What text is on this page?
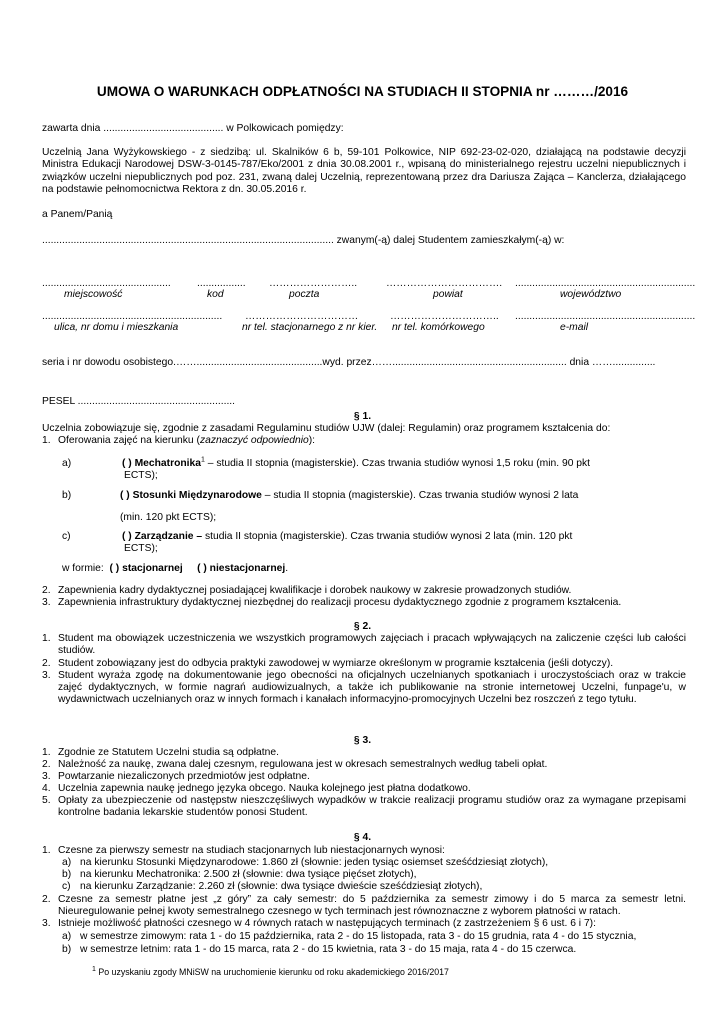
UMOWA O WARUNKACH ODPŁATNOŚCI NA STUDIACH II STOPNIA nr ………/2016

zawarta dnia .......................................... w Polkowicach pomiędzy:

Uczelnią Jana Wyżykowskiego - z siedzibą: ul. Skalników 6 b, 59-101 Polkowice, NIP 692-23-02-020, działającą na podstawie decyzji Ministra Edukacji Narodowej DSW-3-0145-787/Eko/2001 z dnia 30.08.2001 r., wpisaną do ministerialnego rejestru uczelni niepublicznych i związków uczelni niepublicznych pod poz. 231, zwaną dalej Uczelnią, reprezentowaną przez dra Dariusza Zająca – Kanclerza, działającego na podstawie pełnomocnictwa Rektora z dn. 30.05.2016 r.

a Panem/Panią

...................................................................................................... zwanym(-ą) dalej Studentem zamieszkałym(-ą) w:

.............................................	................. ……………………..	……………………………. ...............................................................
miejscowość	kod	poczta	powiat	województwo
............................................................... ……………………………	………………………….. ...............................................................
ulica, nr domu i mieszkania	nr tel. stacjonarnego z nr kier. nr tel. komórkowego	e-mail

seria i nr dowodu osobistego.……............................................wyd. przez……............................................................. dnia ……...............

PESEL .......................................................

§ 1.

Uczelnia zobowiązuje się, zgodnie z zasadami Regulaminu studiów UJW (dalej: Regulamin) oraz programem kształcenia do:

1. Oferowania zajęć na kierunku (zaznaczyć odpowiednio):
a)	( ) Mechatronika$^1$ – studia II stopnia (magisterskie). Czas trwania studiów wynosi 1,5 roku (min. 90 pkt
ECTS);
b)	( ) Stosunki Międzynarodowe – studia II stopnia (magisterskie). Czas trwania studiów wynosi 2 lata
(min. 120 pkt ECTS);
c)	( ) Zarządzanie – studia II stopnia (magisterskie). Czas trwania studiów wynosi 2 lata (min. 120 pkt
ECTS);
w formie: ( ) stacjonarnej ( ) niestacjonarnej.
2. Zapewnienia kadry dydaktycznej posiadającej kwalifikacje i dorobek naukowy w zakresie prowadzonych studiów.
3. Zapewnienia infrastruktury dydaktycznej niezbędnej do realizacji procesu dydaktycznego zgodnie z programem kształcenia.
§ 2.
1. Student ma obowiązek uczestniczenia we wszystkich programowych zajęciach i pracach wpływających na zaliczenie części lub całości studiów.
2. Student zobowiązany jest do odbycia praktyki zawodowej w wymiarze określonym w programie kształcenia (jeśli dotyczy).
3. Student wyraża zgodę na dokumentowanie jego obecności na oficjalnych uczelnianych spotkaniach i uroczystościach oraz w trakcie zajęć dydaktycznych, w formie nagrań audiowizualnych, a także ich publikowanie na stronie internetowej Uczelni, funpage'u, w wydawnictwach uczelnianych oraz w innych formach i kanałach informacyjno-promocyjnych Uczelni bez roszczeń z tego tytułu.
§ 3.
1. Zgodnie ze Statutem Uczelni studia są odpłatne.
2. Należność za naukę, zwana dalej czesnym, regulowana jest w okresach semestralnych według tabeli opłat.
3. Powtarzanie niezaliczonych przedmiotów jest odpłatne.
4. Uczelnia zapewnia naukę jednego języka obcego. Nauka kolejnego jest płatna dodatkowo.
5. Opłaty za ubezpieczenie od następstw nieszczęśliwych wypadków w trakcie realizacji programu studiów oraz za wymagane przepisami kontrolne badania lekarskie studentów ponosi Student.
§ 4.
1. Czesne za pierwszy semestr na studiach stacjonarnych lub niestacjonarnych wynosi:
a) na kierunku Stosunki Międzynarodowe: 1.860 zł (słownie: jeden tysiąc osiemset sześćdziesiąt złotych),
b) na kierunku Mechatronika: 2.500 zł (słownie: dwa tysiące pięćset złotych),
c) na kierunku Zarządzanie: 2.260 zł (słownie: dwa tysiące dwieście sześćdziesiąt złotych),
2. Czesne za semestr płatne jest „z góry” za cały semestr: do 5 października za semestr zimowy i do 5 marca za semestr letni. Nieuregulowanie pełnej kwoty semestralnego czesnego w tych terminach jest równoznaczne z wyborem płatności w ratach.
3. Istnieje możliwość płatności czesnego w 4 równych ratach w następujących terminach (z zastrzeżeniem § 6 ust. 6 i 7):
a) w semestrze zimowym: rata 1 - do 15 października, rata 2 - do 15 listopada, rata 3 - do 15 grudnia, rata 4 - do 15 stycznia,
b) w semestrze letnim: rata 1 - do 15 marca, rata 2 - do 15 kwietnia, rata 3 - do 15 maja, rata 4 - do 15 czerwca.
$^1$ Po uzyskaniu zgody MNiSW na uruchomienie kierunku od roku akademickiego 2016/2017
